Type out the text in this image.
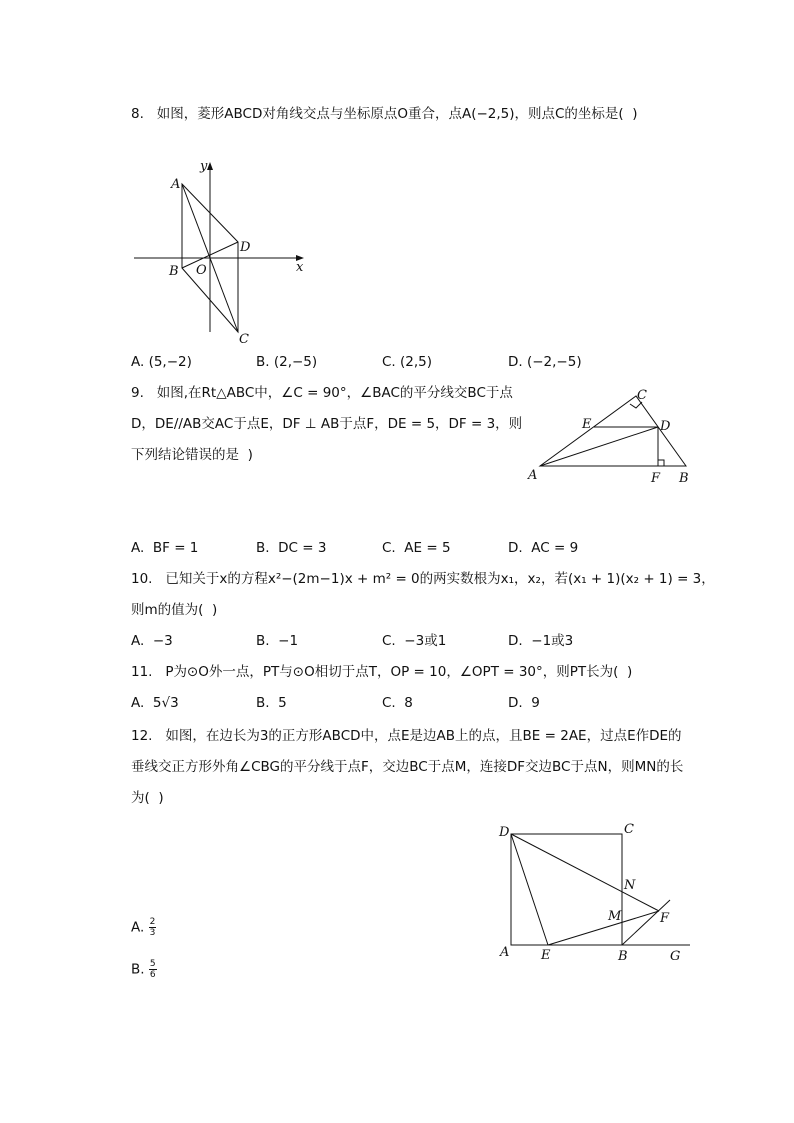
8.   如图，菱形ABCD对角线交点与坐标原点O重合，点A(−2,5)，则点C的坐标是(  )
A
B
C
D
O	x
y
A. (5,−2)	B. (2,−5)	C. (2,5)	D. (−2,−5)
9.   如图,在Rt△ABC中，∠C = 90°，∠BAC的平分线交BC于点
D，DE//AB交AC于点E，DF ⊥ AB于点F，DE = 5，DF = 3，则
下列结论错误的是  )
A	B
C
D
E
F
A.  BF = 1	B.  DC = 3	C.  AE = 5	D.  AC = 9
10.   已知关于x的方程x²−(2m−1)x + m² = 0的两实数根为x₁，x₂，若(x₁ + 1)(x₂ + 1) = 3，
则m的值为(  )
A.  −3	B.  −1	C.  −3或1	D.  −1或3
11.   P为⊙O外一点，PT与⊙O相切于点T，OP = 10，∠OPT = 30°，则PT长为(  )
A.  5√3	B.  5	C.  8	D.  9
12.   如图，在边长为3的正方形ABCD中，点E是边AB上的点，且BE = 2AE，过点E作DE的
垂线交正方形外角∠CBG的平分线于点F，交边BC于点M，连接DF交边BC于点N，则MN的长
为(  )
A	B
C
D
E
F
G
M
N
A. $\frac{2}{3}$
B. $\frac{5}{6}$
